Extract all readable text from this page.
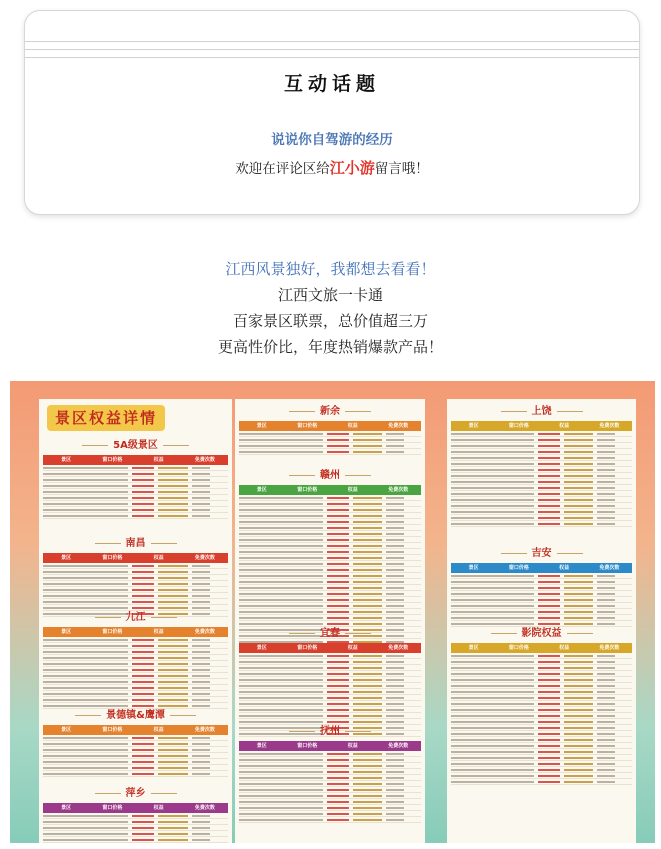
互动话题
说说你自驾游的经历
欢迎在评论区给江小游留言哦！
江西风景独好，我都想去看看！
江西文旅一卡通
百家景区联票，总价值超三万
更高性价比，年度热销爆款产品！
景区权益详情
5A级景区
景区	窗口价格	权益	免费次数
南昌
景区	窗口价格	权益	免费次数
九江
景区	窗口价格	权益	免费次数
景德镇&鹰潭
景区	窗口价格	权益	免费次数
萍乡
景区	窗口价格	权益	免费次数
新余
景区	窗口价格	权益	免费次数
赣州
景区	窗口价格	权益	免费次数
宜春
景区	窗口价格	权益	免费次数
抚州
景区	窗口价格	权益	免费次数
上饶
景区	窗口价格	权益	免费次数
吉安
景区	窗口价格	权益	免费次数
影院权益
景区	窗口价格	权益	免费次数
